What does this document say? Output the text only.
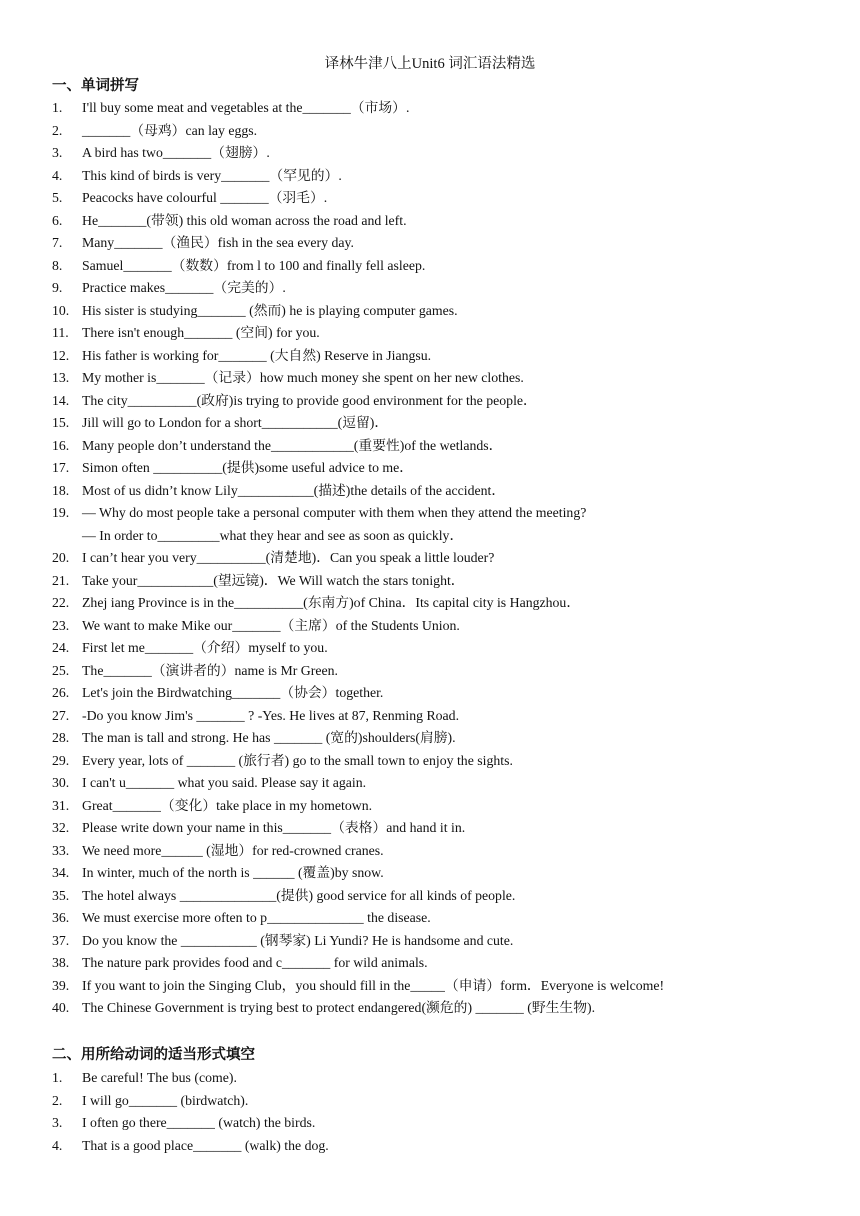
译林牛津八上Unit6 词汇语法精选
一、单词拼写
1.	I'll buy some meat and vegetables at the_______（市场）.
2.	_______（母鸡）can lay eggs.
3.	A bird has two_______（翅膀）.
4.	This kind of birds is very_______（罕见的）.
5.	Peacocks have colourful _______（羽毛）.
6.	He_______(带领) this old woman across the road and left.
7.	Many_______（渔民）fish in the sea every day.
8.	Samuel_______（数数）from l to 100 and finally fell asleep.
9.	Practice makes_______（完美的）.
10. His sister is studying_______ (然而) he is playing computer games.
11. There isn't enough_______ (空间) for you.
12. His father is working for_______ (大自然) Reserve in Jiangsu.
13. My mother is_______（记录）how much money she spent on her new clothes.
14. The city__________(政府)is trying to provide good environment for the people．
15. Jill will go to London for a short___________(逗留)．
16. Many people don’t understand the____________(重要性)of the wetlands．
17. Simon often __________(提供)some useful advice to me．
18. Most of us didn’t know Lily___________(描述)the details of the accident．
19. — Why do most people take a personal computer with them when they attend the meeting?
— In order to_________what they hear and see as soon as quickly．
20. I can’t hear you very__________(清楚地)．Can you speak a little louder?
21. Take your___________(望远镜)．We Will watch the stars tonight．
22. Zhej iang Province is in the__________(东南方)of China．Its capital city is Hangzhou．
23. We want to make Mike our_______（主席）of the Students Union.
24. First let me_______（介绍）myself to you.
25. The_______（演讲者的）name is Mr Green.
26. Let's join the Birdwatching_______（协会）together.
27. -Do you know Jim's _______ ? -Yes. He lives at 87, Renming Road.
28. The man is tall and strong. He has _______ (宽的)shoulders(肩膀).
29. Every year, lots of _______ (旅行者) go to the small town to enjoy the sights.
30. I can't u_______ what you said. Please say it again.
31. Great_______（变化）take place in my hometown.
32. Please write down your name in this_______（表格）and hand it in.
33. We need more______ (湿地）for red-crowned cranes.
34. In winter, much of the north is ______ (覆盖)by snow.
35. The hotel always ______________(提供) good service for all kinds of people.
36. We must exercise more often to p______________ the disease.
37. Do you know the ___________ (钢琴家) Li Yundi? He is handsome and cute.
38. The nature park provides food and c_______ for wild animals.
39. If you want to join the Singing Club，you should fill in the_____（申请）form．Everyone is welcome!
40. The Chinese Government is trying best to protect endangered(濒危的) _______ (野生生物).
二、用所给动词的适当形式填空
1.	Be careful! The bus (come).
2.	I will go_______ (birdwatch).
3.	I often go there_______ (watch) the birds.
4.	That is a good place_______ (walk) the dog.
